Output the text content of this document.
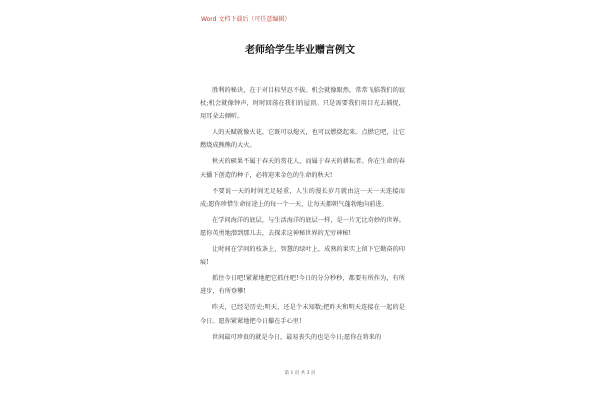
Word 文档下载后（可任意编辑）
老师给学生毕业赠言例文

胜利的秘诀，在于对目标坚忍不拔。机会就像眼然，常常飞临我们的寂杖;机会就像钟声，时时回荡在我们的屋顶。只是需要我们用目光去捕捉，用耳朵去倾听。

人的天赋就像火花，它既可以熄灭，也可以燃烧起来。点燃它吧，让它燃烧成熊熊的大火。

秋天的硕果不属于春天的赏花人，而属于春天的耕耘者。你在生命的春天播下创造的种子，必将迎来金色的生命的秋天!

不要说一天的时间无足轻重，人生的漫长岁月就由这一天一天连接而成;愿你珍惜生命征途上的每一个一天，让每天都朝气蓬勃地向前进。

在学问海洋的底层，与生活海洋的底层一样，是一片无比奇妙的世界。愿你英勇地潜到那儿去，去探求这神秘世界的无穷神秘!

让时间在学问的枝条上，智慧的绿叶上，成熟的果实上留下它勤奋的印痕!

抓住今日吧!紧紧地把它抓住吧!今日的分分秒秒，都要有所作为，有所进步，有所登攀!

昨天，已经是历史;明天，还是个未知数;把昨天和明天连接在一起的是今日。愿你紧紧地把今日攥在手心里!

世间最可珍贵的就是今日，最易丧失的也是今日;愿你在将来的

第 1 页 共 3 页
